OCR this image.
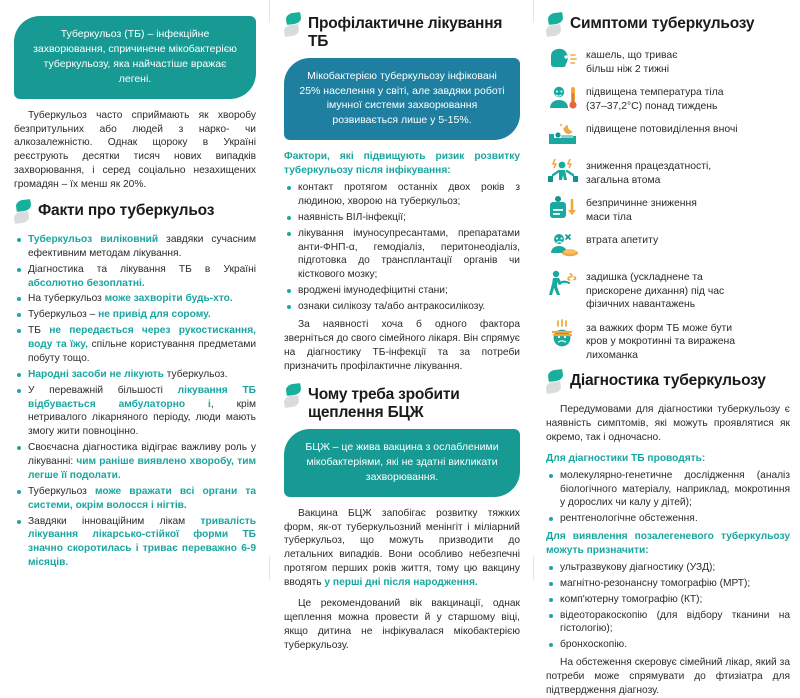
Туберкульоз (ТБ) – інфекційне захворювання, спричинене мікобактерією туберкульозу, яка найчастіше вражає легені.

Туберкульоз часто сприймають як хворобу безпритульних або людей з нарко- чи алкозалежністю. Однак щороку в Україні реєструють десятки тисяч нових випадків захворювання, і серед соціально незахищених громадян – їх менш як 20%.

Факти про туберкульоз
Туберкульоз виліковний завдяки сучасним ефективним методам лікування.
Діагностика та лікування ТБ в Україні абсолютно безоплатні.
На туберкульоз може захворіти будь-хто.
Туберкульоз – не привід для сорому.
ТБ не передається через рукостискання, воду та їжу, спільне користування предметами побуту тощо.
Народні засоби не лікують туберкульоз.
У переважній більшості лікування ТБ відбувається амбулаторно і, крім нетривалого лікарняного періоду, люди мають змогу жити повноцінно.
Своєчасна діагностика відіграє важливу роль у лікуванні: чим раніше виявлено хворобу, тим легше її подолати.
Туберкульоз може вражати всі органи та системи, окрім волосся і нігтів.
Завдяки інноваційним лікам тривалість лікування лікарсько-стійкої форми ТБ значно скоротилась і триває переважно 6-9 місяців.
Профілактичне лікування ТБ
Мікобактерією туберкульозу інфіковані 25% населення у світі, але завдяки роботі імунної системи захворювання розвивається лише у 5-15%.
Фактори, які підвищують ризик розвитку туберкульозу після інфікування:
контакт протягом останніх двох років з людиною, хворою на туберкульоз;
наявність ВІЛ-інфекції;
лікування імуносупресантами, препаратами анти-ФНП-α, гемодіаліз, перитонеодіаліз, підготовка до трансплантації органів чи кісткового мозку;
вроджені імунодефіцитні стани;
ознаки силікозу та/або антракосилікозу.

За наявності хоча б одного фактора зверніться до свого сімейного лікаря. Він спрямує на діагностику ТБ-інфекції та за потреби призначить профілактичне лікування.

Чому треба зробити щеплення БЦЖ
БЦЖ – це жива вакцина з ослабленими мікобактеріями, які не здатні викликати захворювання.

Вакцина БЦЖ запобігає розвитку тяжких форм, як-от туберкульозний менінгіт і міліарний туберкульоз, що можуть призводити до летальних випадків. Вони особливо небезпечні протягом перших років життя, тому цю вакцину вводять у перші дні після народження.

Це рекомендований вік вакцинації, однак щеплення можна провести й у старшому віці, якщо дитина не інфікувалася мікобактерією туберкульозу.

Симптоми туберкульозу
кашель, що триває
більш ніж 2 тижні
підвищена температура тіла
(37–37,2°C) понад тиждень
підвищене потовиділення вночі
зниження працездатності,
загальна втома
безпричинне зниження
маси тіла
втрата апетиту
задишка (ускладнене та
прискорене дихання) під час
фізичних навантажень
за важких форм ТБ може бути
кров у мокротинні та виражена
лихоманка
Діагностика туберкульозу

Передумовами для діагностики туберкульозу є наявність симптомів, які можуть проявлятися як окремо, так і одночасно.

Для діагностики ТБ проводять:
молекулярно-генетичне дослідження (аналіз біологічного матеріалу, наприклад, мокротиння у дорослих чи калу у дітей);
рентгенологічне обстеження.
Для виявлення позалегеневого туберкульозу можуть призначити:
ультразвукову діагностику (УЗД);
магнітно-резонансну томографію (МРТ);
комп'ютерну томографію (КТ);
відеоторакоскопію (для відбору тканини на гістологію);
бронхоскопію.

На обстеження скеровує сімейний лікар, який за потреби може спрямувати до фтизіатра для підтвердження діагнозу.
